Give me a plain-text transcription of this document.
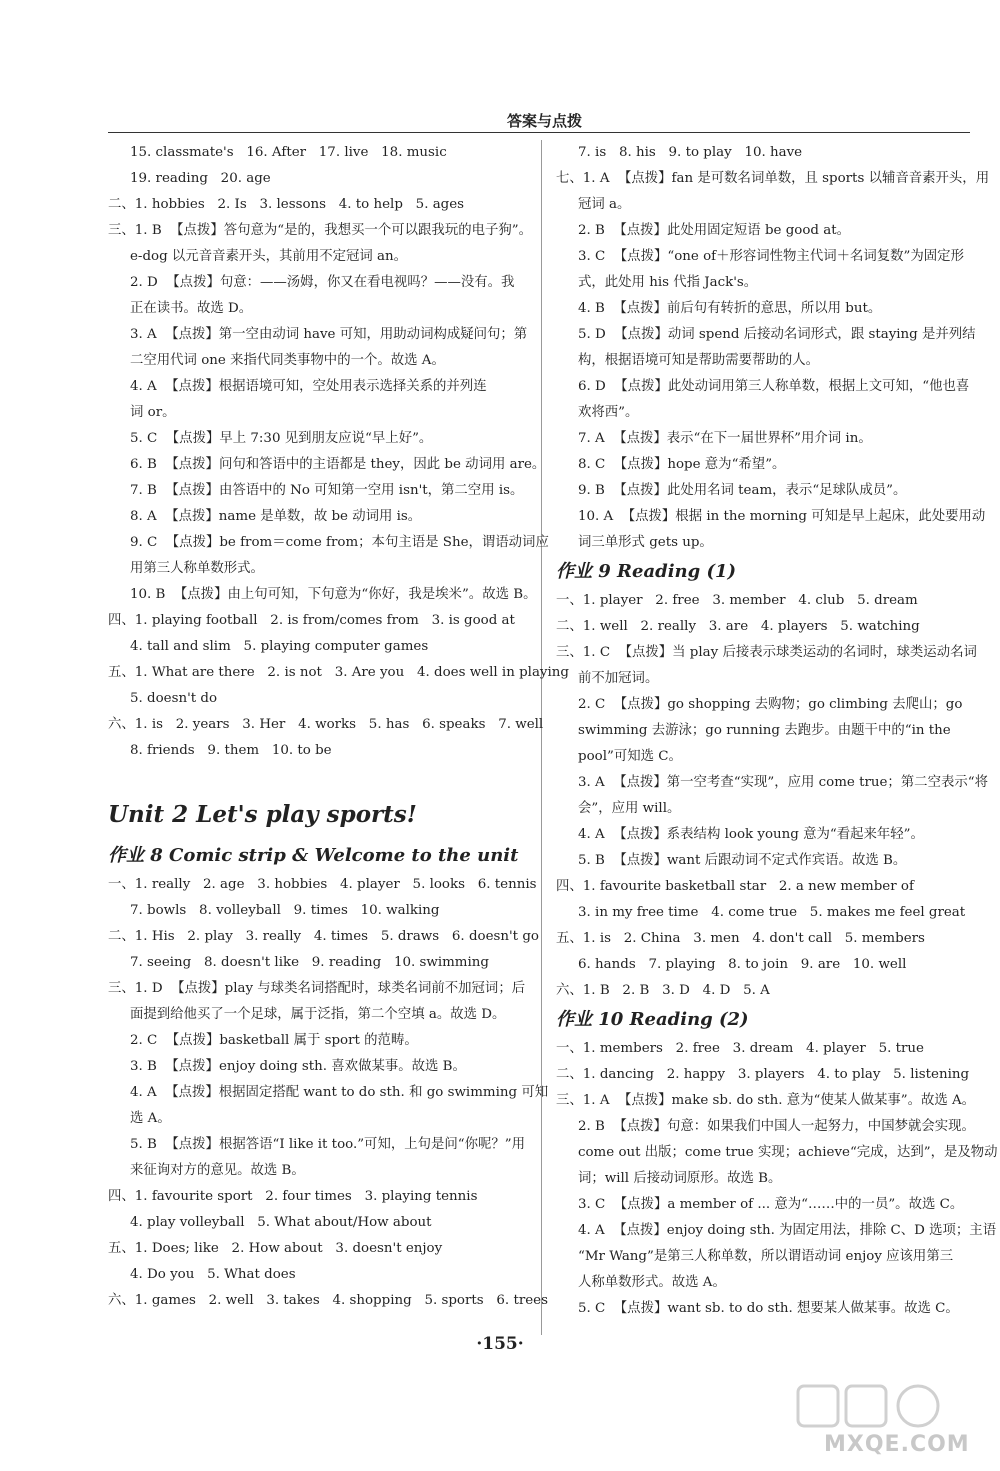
答案与点拨
15. classmate's   16. After   17. live   18. music
19. reading   20. age
二、1. hobbies   2. Is   3. lessons   4. to help   5. ages
三、1. B  【点拨】答句意为“是的，我想买一个可以跟我玩的电子狗”。
e-dog 以元音音素开头，其前用不定冠词 an。
2. D  【点拨】句意：——汤姆，你又在看电视吗？——没有。我
正在读书。故选 D。
3. A  【点拨】第一空由动词 have 可知，用助动词构成疑问句；第
二空用代词 one 来指代同类事物中的一个。故选 A。
4. A  【点拨】根据语境可知，空处用表示选择关系的并列连
词 or。
5. C  【点拨】早上 7:30 见到朋友应说“早上好”。
6. B  【点拨】问句和答语中的主语都是 they，因此 be 动词用 are。
7. B  【点拨】由答语中的 No 可知第一空用 isn't，第二空用 is。
8. A  【点拨】name 是单数，故 be 动词用 is。
9. C  【点拨】be from＝come from；本句主语是 She，谓语动词应
用第三人称单数形式。
10. B  【点拨】由上句可知，下句意为“你好，我是埃米”。故选 B。
四、1. playing football   2. is from/comes from   3. is good at
4. tall and slim   5. playing computer games
五、1. What are there   2. is not   3. Are you   4. does well in playing
5. doesn't do
六、1. is   2. years   3. Her   4. works   5. has   6. speaks   7. well
8. friends   9. them   10. to be
Unit 2 Let's play sports!
作业 8 Comic strip & Welcome to the unit
一、1. really   2. age   3. hobbies   4. player   5. looks   6. tennis
7. bowls   8. volleyball   9. times   10. walking
二、1. His   2. play   3. really   4. times   5. draws   6. doesn't go
7. seeing   8. doesn't like   9. reading   10. swimming
三、1. D  【点拨】play 与球类名词搭配时，球类名词前不加冠词；后
面提到给他买了一个足球，属于泛指，第二个空填 a。故选 D。
2. C  【点拨】basketball 属于 sport 的范畴。
3. B  【点拨】enjoy doing sth. 喜欢做某事。故选 B。
4. A  【点拨】根据固定搭配 want to do sth. 和 go swimming 可知
选 A。
5. B  【点拨】根据答语“I like it too.”可知，上句是问“你呢？”用
来征询对方的意见。故选 B。
四、1. favourite sport   2. four times   3. playing tennis
4. play volleyball   5. What about/How about
五、1. Does; like   2. How about   3. doesn't enjoy
4. Do you   5. What does
六、1. games   2. well   3. takes   4. shopping   5. sports   6. trees
7. is   8. his   9. to play   10. have
七、1. A  【点拨】fan 是可数名词单数，且 sports 以辅音音素开头，用
冠词 a。
2. B  【点拨】此处用固定短语 be good at。
3. C  【点拨】“one of＋形容词性物主代词＋名词复数”为固定形
式，此处用 his 代指 Jack's。
4. B  【点拨】前后句有转折的意思，所以用 but。
5. D  【点拨】动词 spend 后接动名词形式，跟 staying 是并列结
构，根据语境可知是帮助需要帮助的人。
6. D  【点拨】此处动词用第三人称单数，根据上文可知，“他也喜
欢将西”。
7. A  【点拨】表示“在下一届世界杯”用介词 in。
8. C  【点拨】hope 意为“希望”。
9. B  【点拨】此处用名词 team，表示“足球队成员”。
10. A  【点拨】根据 in the morning 可知是早上起床，此处要用动
词三单形式 gets up。
作业 9 Reading (1)
一、1. player   2. free   3. member   4. club   5. dream
二、1. well   2. really   3. are   4. players   5. watching
三、1. C  【点拨】当 play 后接表示球类运动的名词时，球类运动名词
前不加冠词。
2. C  【点拨】go shopping 去购物；go climbing 去爬山；go
swimming 去游泳；go running 去跑步。由题干中的“in the
pool”可知选 C。
3. A  【点拨】第一空考查“实现”，应用 come true；第二空表示“将
会”，应用 will。
4. A  【点拨】系表结构 look young 意为“看起来年轻”。
5. B  【点拨】want 后跟动词不定式作宾语。故选 B。
四、1. favourite basketball star   2. a new member of
3. in my free time   4. come true   5. makes me feel great
五、1. is   2. China   3. men   4. don't call   5. members
6. hands   7. playing   8. to join   9. are   10. well
六、1. B   2. B   3. D   4. D   5. A
作业 10 Reading (2)
一、1. members   2. free   3. dream   4. player   5. true
二、1. dancing   2. happy   3. players   4. to play   5. listening
三、1. A  【点拨】make sb. do sth. 意为“使某人做某事”。故选 A。
2. B  【点拨】句意：如果我们中国人一起努力，中国梦就会实现。
come out 出版；come true 实现；achieve“完成，达到”，是及物动
词；will 后接动词原形。故选 B。
3. C  【点拨】a member of ... 意为“……中的一员”。故选 C。
4. A  【点拨】enjoy doing sth. 为固定用法，排除 C、D 选项；主语
“Mr Wang”是第三人称单数，所以谓语动词 enjoy 应该用第三
人称单数形式。故选 A。
5. C  【点拨】want sb. to do sth. 想要某人做某事。故选 C。
·155·
MXQE.COM
